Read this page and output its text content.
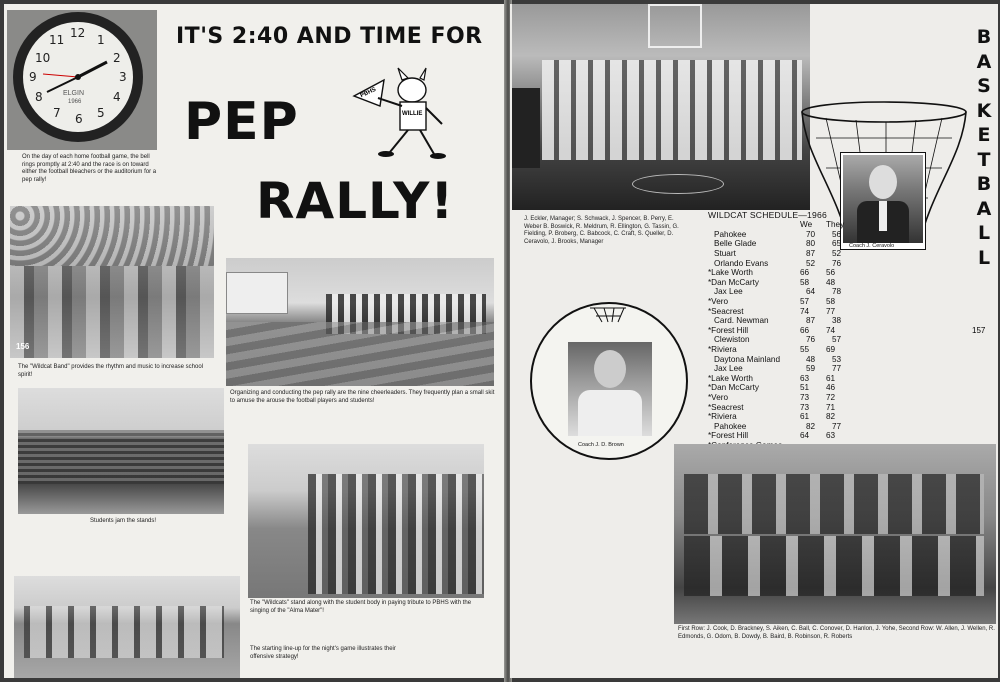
12 1
2
3
4
5
6
7
8
9
10
11
ELGIN
1966
On the day of each home football game, the bell rings promptly at 2:40 and the race is on toward either the football bleachers or the auditorium for a pep rally!
IT'S 2:40 AND TIME FOR
PEP
RALLY!
PBHS
WILLIE
156
The "Wildcat Band" provides the rhythm and music to increase school spirit!
Organizing and conducting the pep rally are the nine cheerleaders. They frequently plan a small skit to amuse the arouse the football players and students!
Students jam the stands!
The "Wildcats" stand along with the student body in paying tribute to PBHS with the singing of the "Alma Mater"!
The starting line-up for the night's game illustrates their offensive strategy!
J. Eckler, Manager; S. Schwack, J. Spencer, B. Perry, E. Weber B. Boswick, R. Meldrum, R. Ellington, G. Tassin, G. Fielding, P. Broberg, C. Babcock, C. Craft, S. Queller, D. Ceravolo, J. Brooks, Manager
Coach J. Ceravolo
WILDCAT SCHEDULE—1966
We	They
Pahokee	70	56
Belle Glade	80	65
Stuart	87	52
Orlando Evans	52	76
*Lake Worth	66	56
*Dan McCarty	58	48
Jax Lee	64	78
*Vero	57	58
*Seacrest	74	77
Card. Newman	87	38
*Forest Hill	66	74
Clewiston	76	57
*Riviera	55	69
Daytona Mainland	48	53
Jax Lee	59	77
*Lake Worth	63	61
*Dan McCarty	51	46
*Vero	73	72
*Seacrest	73	71
*Riviera	61	82
Pahokee	82	77
*Forest Hill	64	63
B
A
S
K
E
T
B
A
L
L
157
Coach J. D. Brown
First Row: J. Cook, D. Brackney, S. Aiken, C. Ball, C. Conover, D. Hanlon, J. Yohe, Second Row: W. Allen, J. Wellen, R. Edmonds, G. Odom, B. Dowdy, B. Baird, B. Robinson, R. Roberts
